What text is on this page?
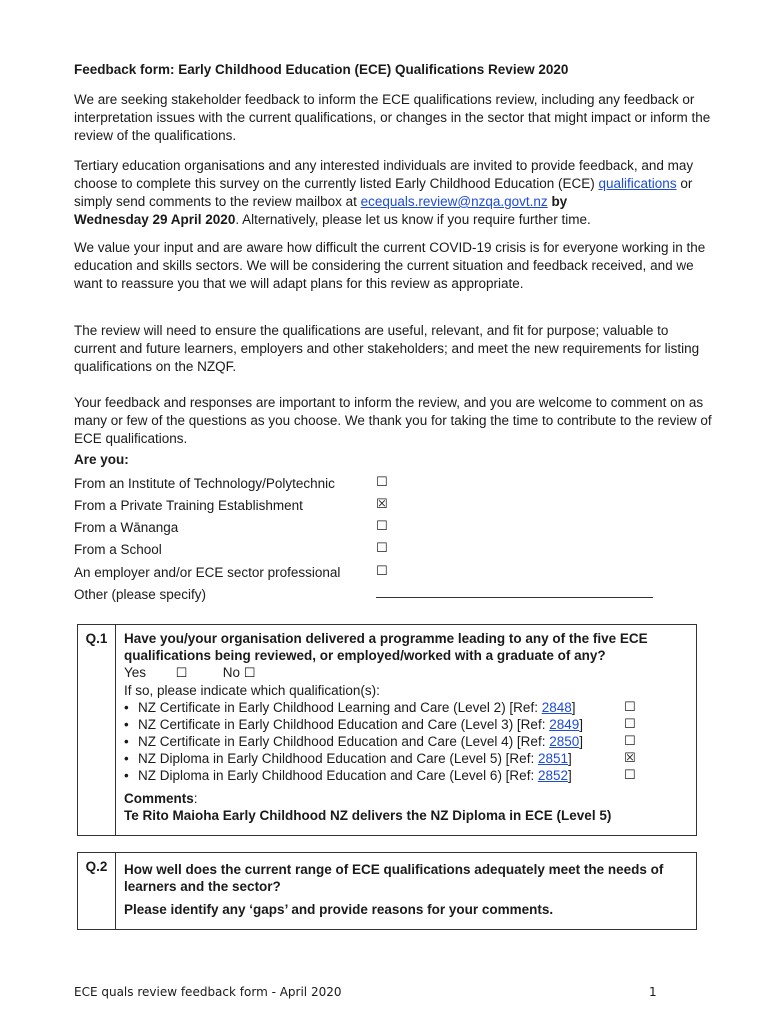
Feedback form: Early Childhood Education (ECE) Qualifications Review 2020

We are seeking stakeholder feedback to inform the ECE qualifications review, including any feedback or interpretation issues with the current qualifications, or changes in the sector that might impact or inform the review of the qualifications.

Tertiary education organisations and any interested individuals are invited to provide feedback, and may choose to complete this survey on the currently listed Early Childhood Education (ECE) qualifications or simply send comments to the review mailbox at ecequals.review@nzqa.govt.nz by
Wednesday 29 April 2020. Alternatively, please let us know if you require further time.

We value your input and are aware how difficult the current COVID-19 crisis is for everyone working in the education and skills sectors. We will be considering the current situation and feedback received, and we want to reassure you that we will adapt plans for this review as appropriate.

The review will need to ensure the qualifications are useful, relevant, and fit for purpose; valuable to current and future learners, employers and other stakeholders; and meet the new requirements for listing qualifications on the NZQF.

Your feedback and responses are important to inform the review, and you are welcome to comment on as many or few of the questions as you choose. We thank you for taking the time to contribute to the review of ECE qualifications.

Are you:
From an Institute of Technology/Polytechnic	☐
From a Private Training Establishment	☒
From a Wānanga	☐
From a School	☐
An employer and/or ECE sector professional	☐
Other (please specify)
Q.1	Have you/your organisation delivered a programme leading to any of the five ECE qualifications being reviewed, or employed/worked with a graduate of any?
Yes ☐	No ☐
If so, please indicate which qualification(s):
• NZ Certificate in Early Childhood Learning and Care (Level 2) [Ref: 2848]	☐
• NZ Certificate in Early Childhood Education and Care (Level 3) [Ref: 2849]	☐
• NZ Certificate in Early Childhood Education and Care (Level 4) [Ref: 2850]	☐
• NZ Diploma in Early Childhood Education and Care (Level 5) [Ref: 2851]	☒
• NZ Diploma in Early Childhood Education and Care (Level 6) [Ref: 2852]	☐
Comments:
Te Rito Maioha Early Childhood NZ delivers the NZ Diploma in ECE (Level 5)
Q.2	How well does the current range of ECE qualifications adequately meet the needs of learners and the sector?
Please identify any ‘gaps’ and provide reasons for your comments.
ECE quals review feedback form - April 2020	1
